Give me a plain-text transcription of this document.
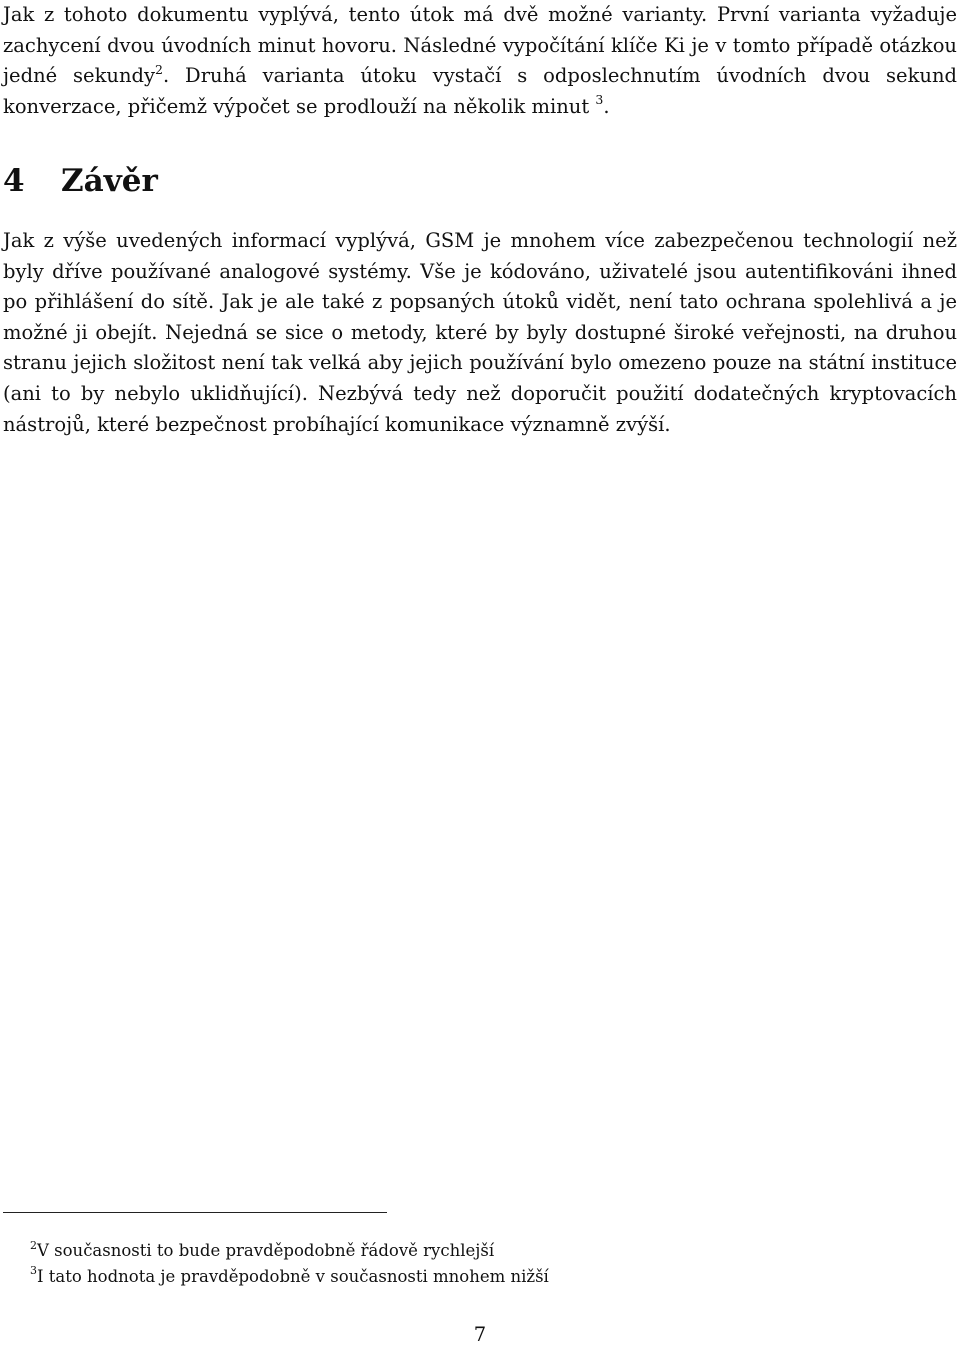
Jak z tohoto dokumentu vyplývá, tento útok má dvě možné varianty. První varianta vyžaduje zachycení dvou úvodních minut hovoru. Následné vypočítání klíče Ki je v tomto případě otázkou jedné sekundy$^2$. Druhá varianta útoku vystačí s odposlechnutím úvodních dvou sekund konverzace, přičemž výpočet se prodlouží na několik minut $^3$.

4 Závěr

Jak z výše uvedených informací vyplývá, GSM je mnohem více zabezpečenou technologií než byly dříve používané analogové systémy. Vše je kódováno, uživatelé jsou autentifikováni ihned po přihlášení do sítě. Jak je ale také z popsaných útoků vidět, není tato ochrana spolehlivá a je možné ji obejít. Nejedná se sice o metody, které by byly dostupné široké veřejnosti, na druhou stranu jejich složitost není tak velká aby jejich používání bylo omezeno pouze na státní instituce (ani to by nebylo uklidňující). Nezbývá tedy než doporučit použití dodatečných kryptovacích nástrojů, které bezpečnost probíhající komunikace významně zvýší.

$^2$V současnosti to bude pravděpodobně řádově rychlejší
$^3$I tato hodnota je pravděpodobně v současnosti mnohem nižší
7
